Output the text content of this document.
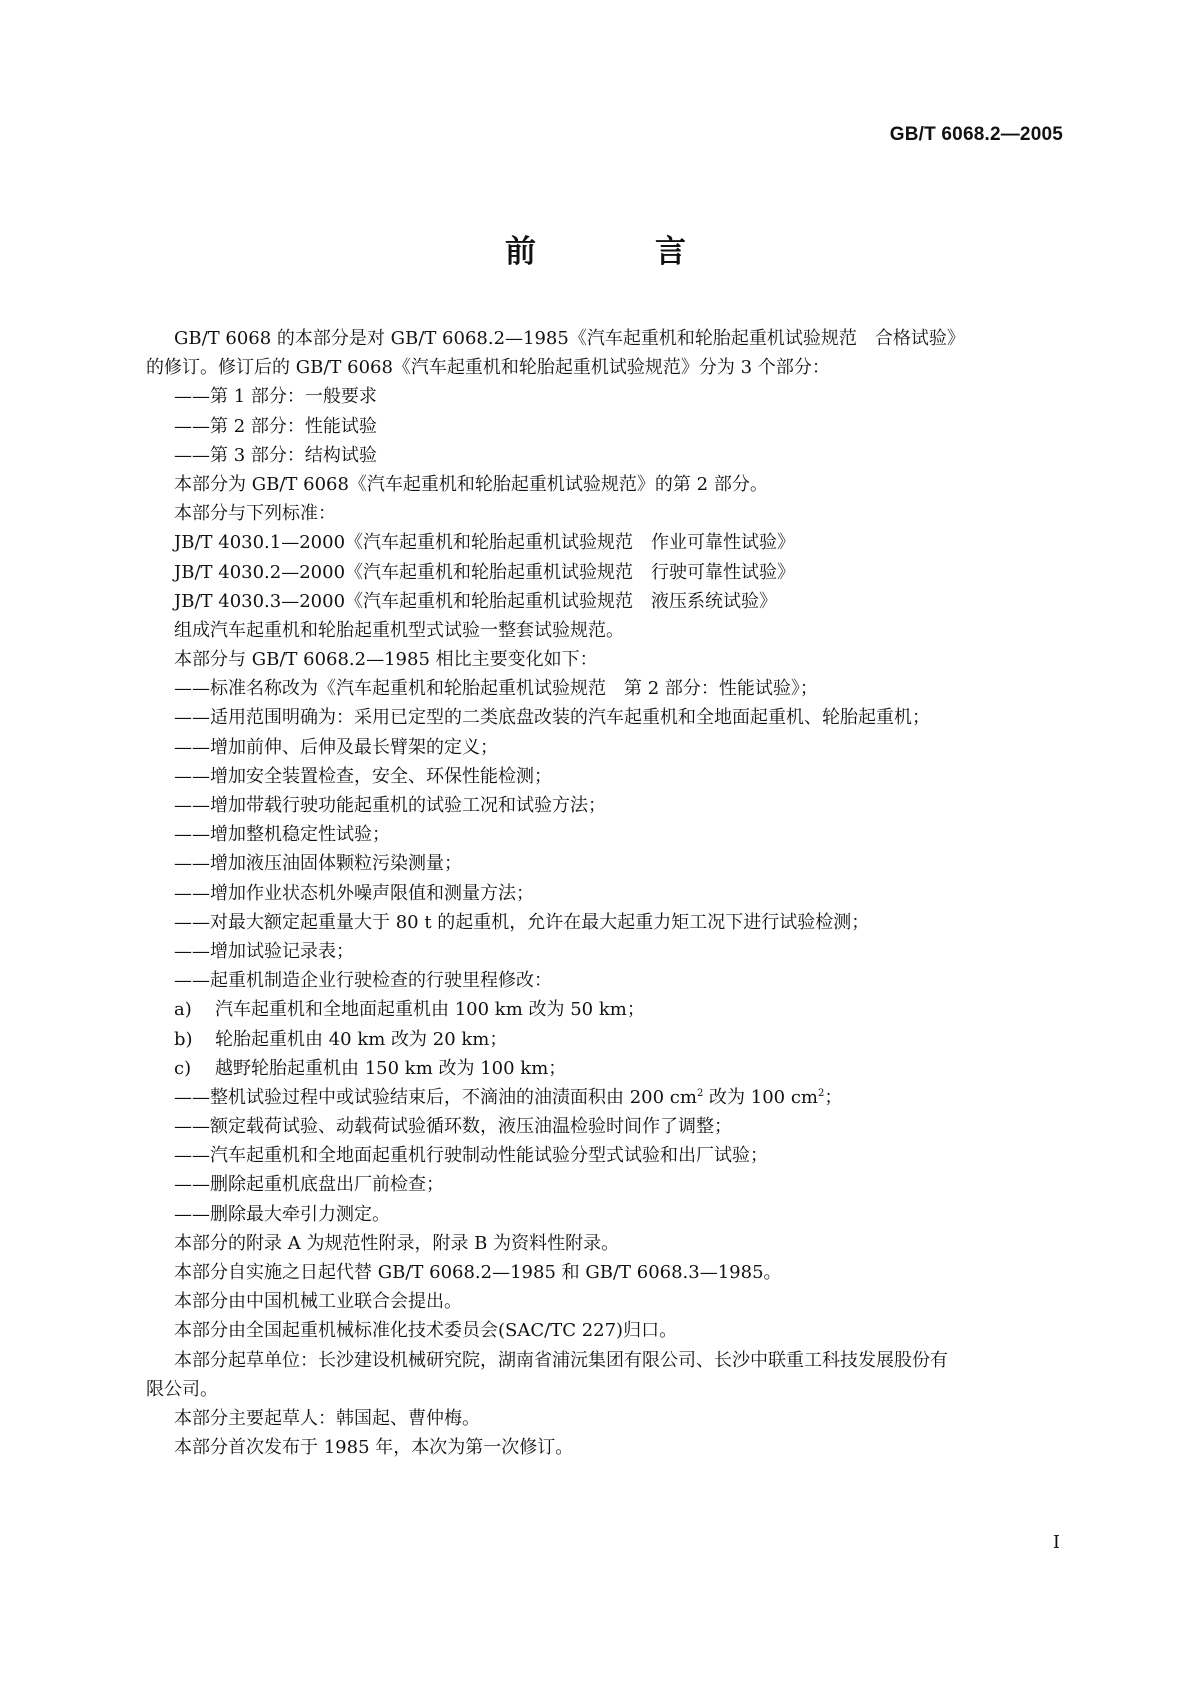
GB/T 6068.2—2005
前　言
GB/T 6068 的本部分是对 GB/T 6068.2—1985《汽车起重机和轮胎起重机试验规范　合格试验》
的修订。修订后的 GB/T 6068《汽车起重机和轮胎起重机试验规范》分为 3 个部分：
——第 1 部分：一般要求
——第 2 部分：性能试验
——第 3 部分：结构试验
本部分为 GB/T 6068《汽车起重机和轮胎起重机试验规范》的第 2 部分。
本部分与下列标准：
JB/T 4030.1—2000《汽车起重机和轮胎起重机试验规范　作业可靠性试验》
JB/T 4030.2—2000《汽车起重机和轮胎起重机试验规范　行驶可靠性试验》
JB/T 4030.3—2000《汽车起重机和轮胎起重机试验规范　液压系统试验》
组成汽车起重机和轮胎起重机型式试验一整套试验规范。
本部分与 GB/T 6068.2—1985 相比主要变化如下：
——标准名称改为《汽车起重机和轮胎起重机试验规范　第 2 部分：性能试验》；
——适用范围明确为：采用已定型的二类底盘改装的汽车起重机和全地面起重机、轮胎起重机；
——增加前伸、后伸及最长臂架的定义；
——增加安全装置检查，安全、环保性能检测；
——增加带载行驶功能起重机的试验工况和试验方法；
——增加整机稳定性试验；
——增加液压油固体颗粒污染测量；
——增加作业状态机外噪声限值和测量方法；
——对最大额定起重量大于 80 t 的起重机，允许在最大起重力矩工况下进行试验检测；
——增加试验记录表；
——起重机制造企业行驶检查的行驶里程修改：
a) 汽车起重机和全地面起重机由 100 km 改为 50 km；
b) 轮胎起重机由 40 km 改为 20 km；
c) 越野轮胎起重机由 150 km 改为 100 km；
——整机试验过程中或试验结束后，不滴油的油渍面积由 200 $cm^2$ 改为 100 $cm^2$；
——额定载荷试验、动载荷试验循环数，液压油温检验时间作了调整；
——汽车起重机和全地面起重机行驶制动性能试验分型式试验和出厂试验；
——删除起重机底盘出厂前检查；
——删除最大牵引力测定。
本部分的附录 A 为规范性附录，附录 B 为资料性附录。
本部分自实施之日起代替 GB/T 6068.2—1985 和 GB/T 6068.3—1985。
本部分由中国机械工业联合会提出。
本部分由全国起重机械标准化技术委员会(SAC/TC 227)归口。
本部分起草单位：长沙建设机械研究院，湖南省浦沅集团有限公司、长沙中联重工科技发展股份有
限公司。
本部分主要起草人：韩国起、曹仲梅。
本部分首次发布于 1985 年，本次为第一次修订。
I
